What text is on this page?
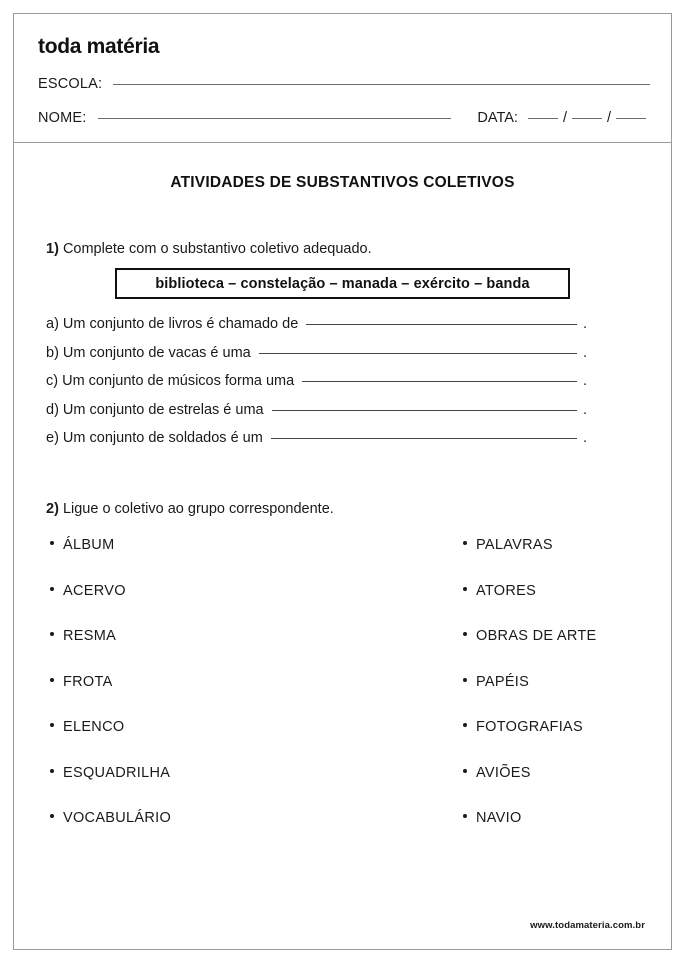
toda matéria
ESCOLA:
NOME:	DATA:	/	/
ATIVIDADES DE SUBSTANTIVOS COLETIVOS

1) Complete com o substantivo coletivo adequado.

biblioteca – constelação – manada – exército – banda
a) Um conjunto de livros é chamado de	.
b) Um conjunto de vacas é uma	.
c) Um conjunto de músicos forma uma	.
d) Um conjunto de estrelas é uma	.
e) Um conjunto de soldados é um	.

2) Ligue o coletivo ao grupo correspondente.

ÁLBUM	PALAVRAS
ACERVO	ATORES
RESMA	OBRAS DE ARTE
FROTA	PAPÉIS
ELENCO	FOTOGRAFIAS
ESQUADRILHA	AVIÕES
VOCABULÁRIO	NAVIO
www.todamateria.com.br
